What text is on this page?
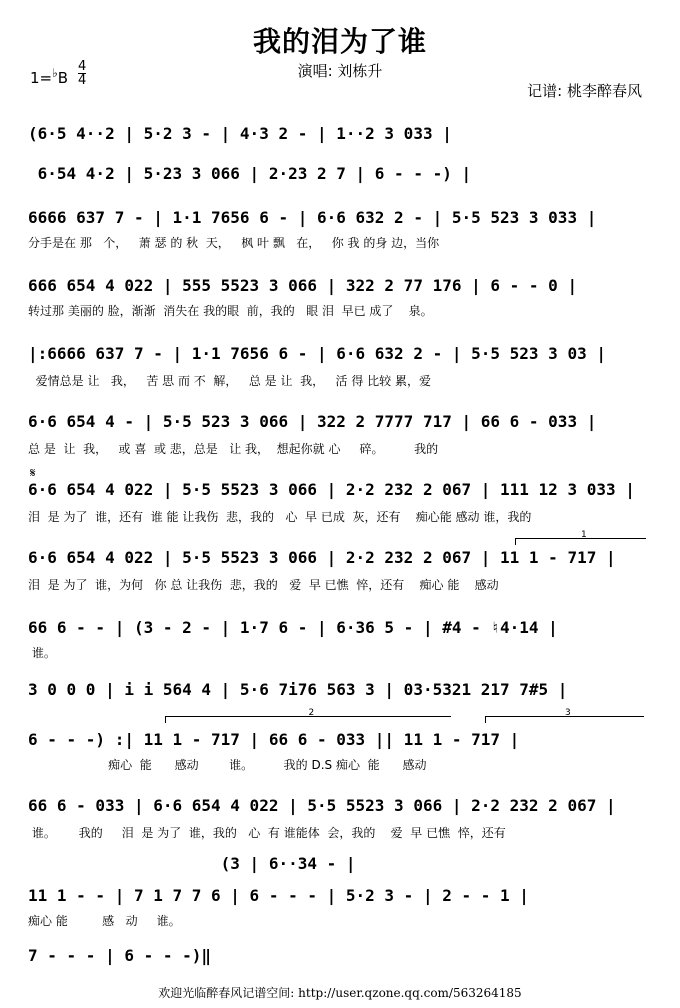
我的泪为了谁
演唱: 刘栋升
1=♭B
4
4
记谱: 桃李醉春风
(6·5 4··2 | 5·2 3 - | 4·3 2 - | 1··2 3 033 |
6·54 4·2 | 5·23 3 066 | 2·23 2 7 | 6 - - -) |
6666 637 7 - | 1·1 7656 6 - | 6·6 632 2 - | 5·5 523 3 033 |
分手是在 那   个，   萧 瑟 的 秋  天，   枫 叶 飘   在，   你 我 的身 边，当你
666 654 4 022 | 555 5523 3 066 | 322 2 77 176 | 6 - - 0 |
转过那 美丽的 脸，渐渐  消失在 我的眼  前，我的   眼 泪  早已 成了    泉。
|:6666 637 7 - | 1·1 7656 6 - | 6·6 632 2 - | 5·5 523 3 03 |
爱情总是 让   我，   苦 思 而 不  解，   总 是 让  我，   活 得 比较 累，爱
6·6 654 4 - | 5·5 523 3 066 | 322 2 7777 717 | 66 6 - 033 |
总 是  让  我，   或 喜  或 悲，总是   让 我，  想起你就 心     碎。        我的
𝄋
6·6 654 4 022 | 5·5 5523 3 066 | 2·2 232 2 067 | 111 12 3 033 |
泪  是 为了  谁，还有  谁 能 让我伤  悲，我的   心  早 已成  灰，还有    痴心能 感动 谁，我的
1
6·6 654 4 022 | 5·5 5523 3 066 | 2·2 232 2 067 | 11 1 - 717 |
泪  是 为了  谁，为何   你 总 让我伤  悲，我的   爱  早 已憔  悴，还有    痴心 能    感动
66 6 - - | (3 - 2 - | 1·7 6 - | 6·36 5 - | #4 - ♮4·14 |
谁。
3 0 0 0 | i i 564 4 | 5·6 7i76 563 3 | 03·5321 217 7#5 |
2	3
6 - - -) :| 11 1 - 717 | 66 6 - 033 || 11 1 - 717 |
痴心  能      感动        谁。        我的 D.S 痴心  能      感动
66 6 - 033 | 6·6 654 4 022 | 5·5 5523 3 066 | 2·2 232 2 067 |
谁。      我的     泪  是 为了  谁，我的   心  有 谁能体  会，我的    爱  早 已憔  悴，还有
(3 | 6··34 - |
11 1 - - | 7 1 7 7 6 | 6 - - - | 5·2 3 - | 2 - - 1 |
痴心 能         感   动     谁。
7 - - - | 6 - - -)‖
欢迎光临醉春风记谱空间: http://user.qzone.qq.com/563264185
